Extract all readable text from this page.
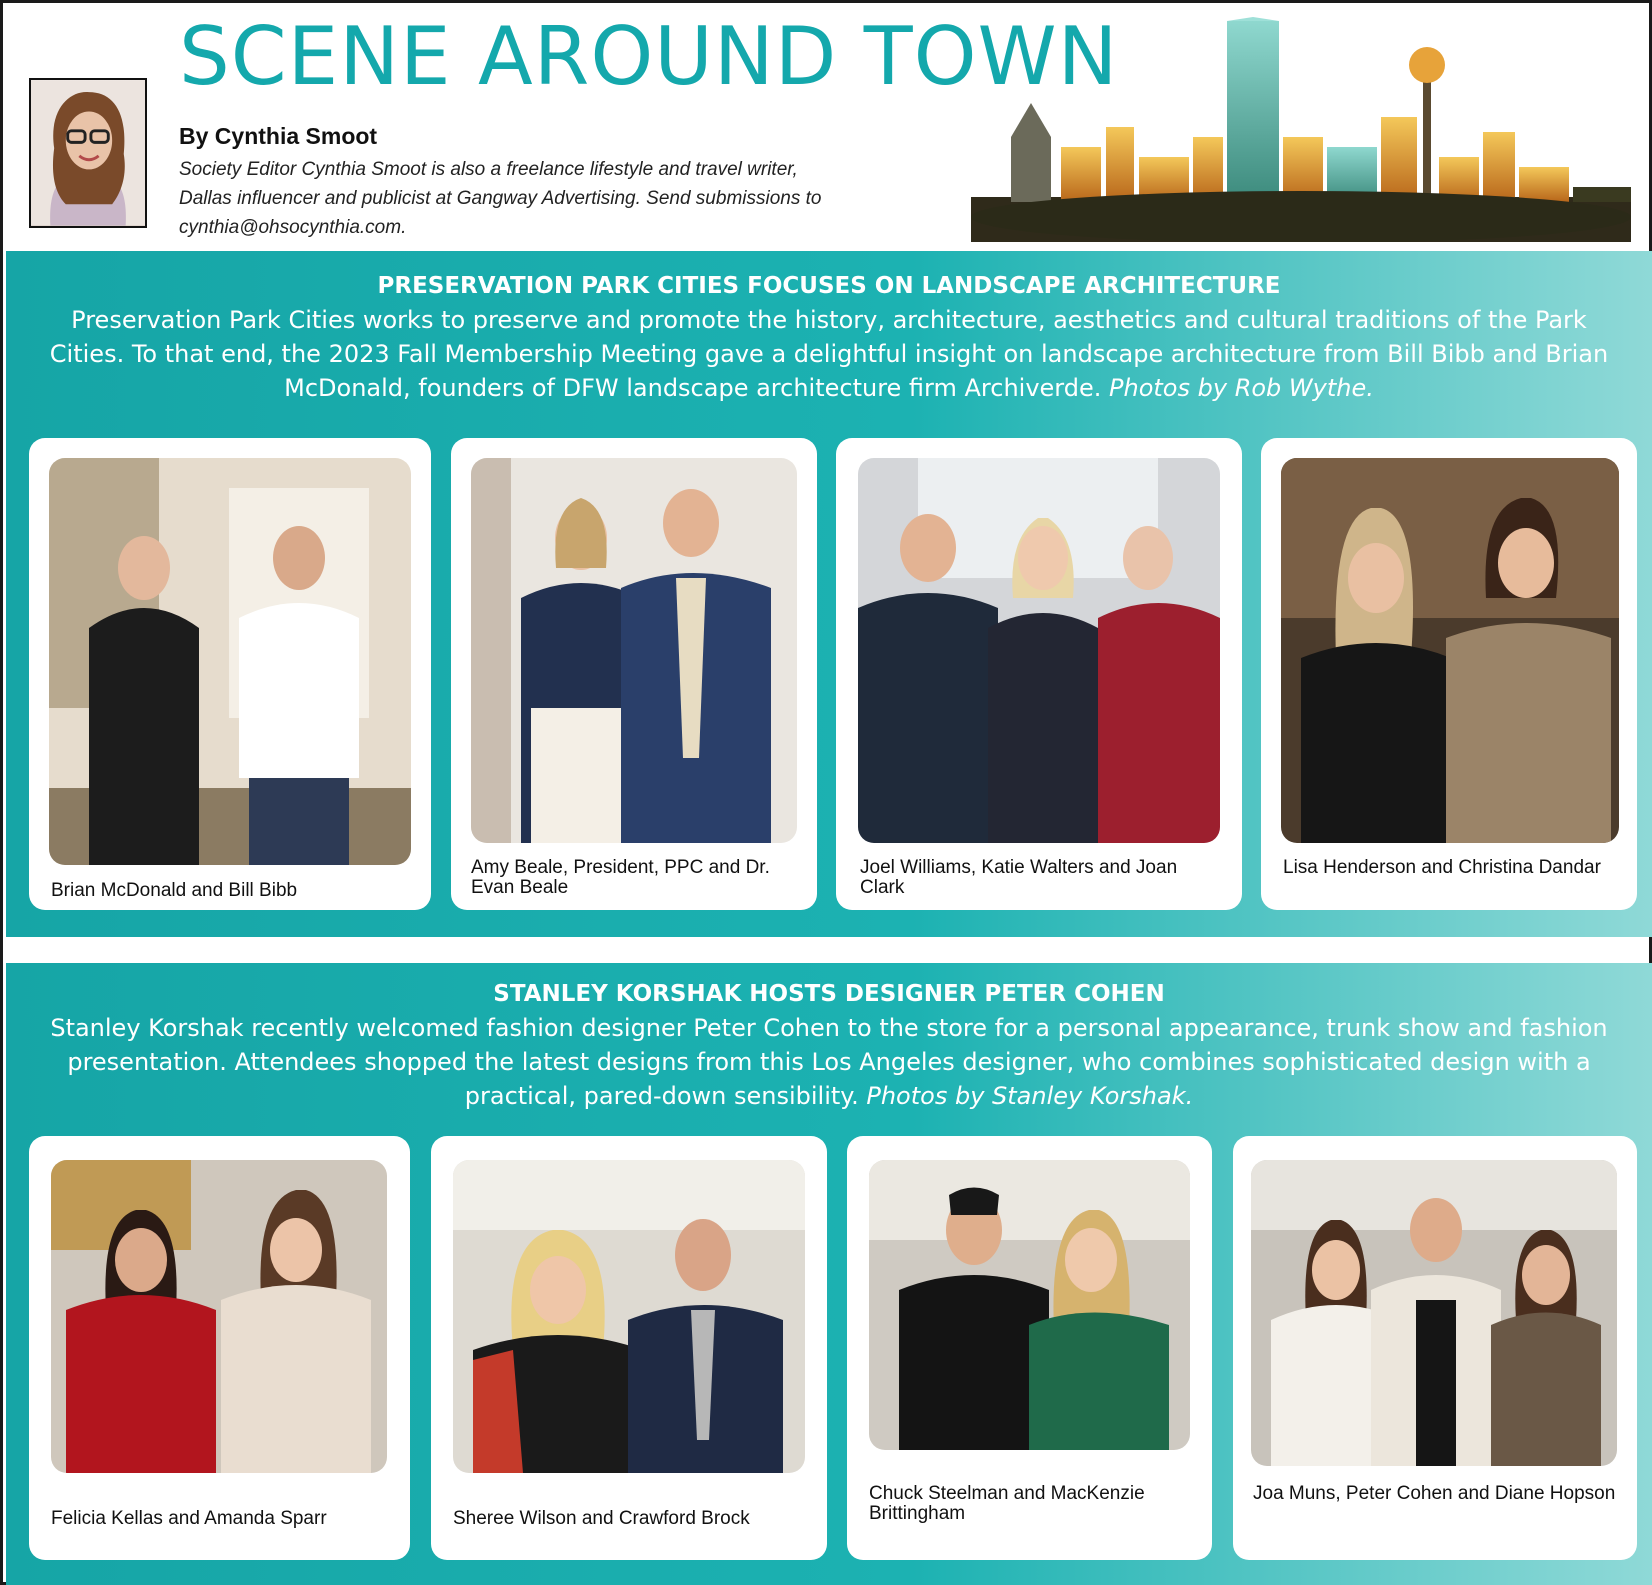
SCENE AROUND TOWN
By Cynthia Smoot
Society Editor Cynthia Smoot is also a freelance lifestyle and travel writer, Dallas influencer and publicist at Gangway Advertising. Send submissions to cynthia@ohsocynthia.com.
PRESERVATION PARK CITIES FOCUSES ON LANDSCAPE ARCHITECTURE
Preservation Park Cities works to preserve and promote the history, architecture, aesthetics and cultural traditions of the Park Cities. To that end, the 2023 Fall Membership Meeting gave a delightful insight on landscape architecture from Bill Bibb and Brian McDonald, founders of DFW landscape architecture firm Archiverde. Photos by Rob Wythe.
Brian McDonald and Bill Bibb
Amy Beale, President, PPC and Dr. Evan Beale
Joel Williams, Katie Walters and Joan Clark
Lisa Henderson and Christina Dandar
STANLEY KORSHAK HOSTS DESIGNER PETER COHEN
Stanley Korshak recently welcomed fashion designer Peter Cohen to the store for a personal appearance, trunk show and fashion presentation. Attendees shopped the latest designs from this Los Angeles designer, who combines sophisticated design with a practical, pared-down sensibility. Photos by Stanley Korshak.
Felicia Kellas and Amanda Sparr	Sheree Wilson and Crawford Brock
Chuck Steelman and MacKenzie Brittingham
Joa Muns, Peter Cohen and Diane Hopson
